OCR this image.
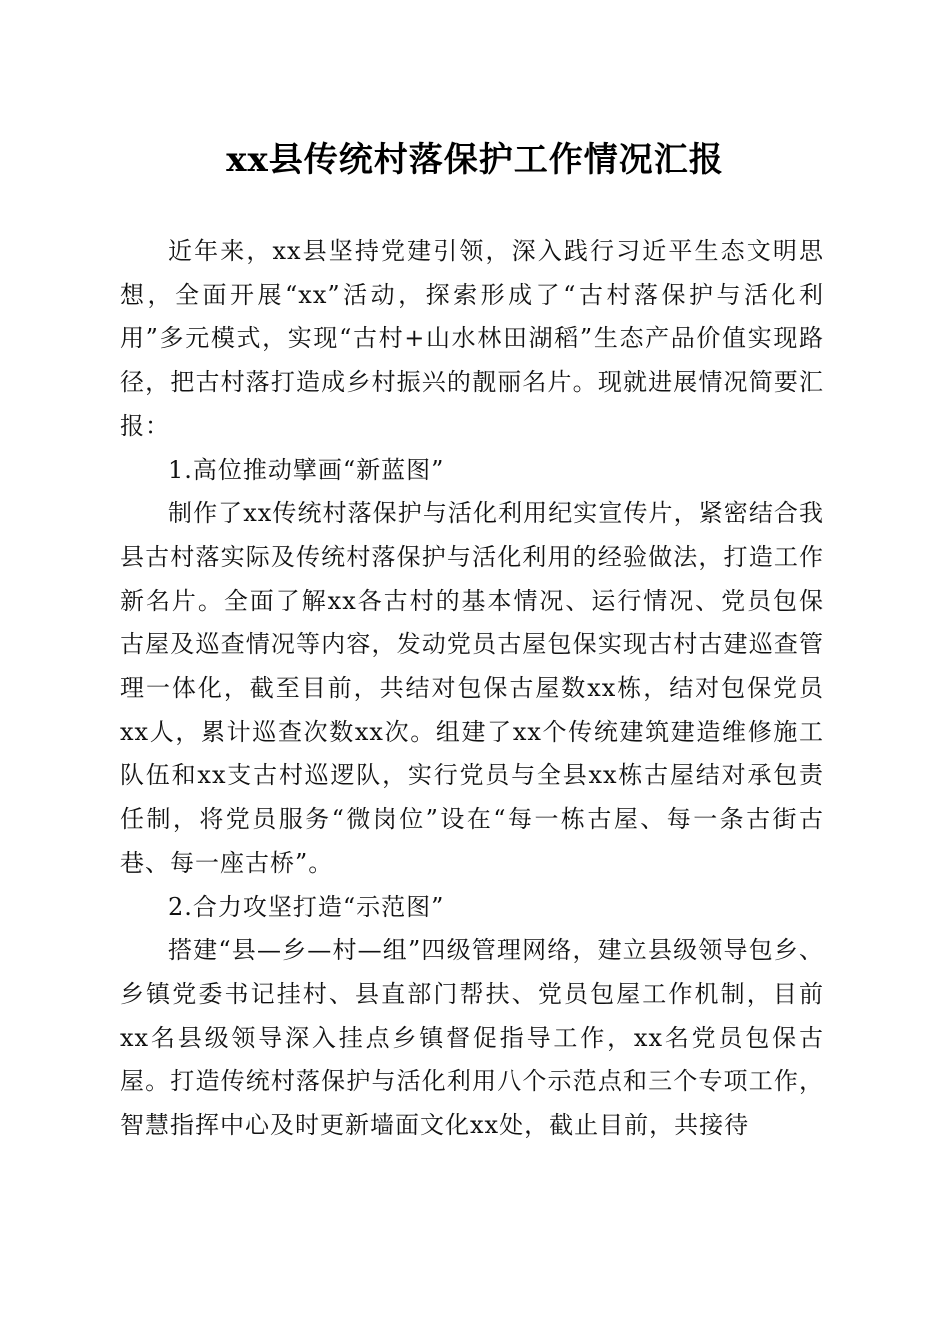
xx县传统村落保护工作情况汇报

近年来，xx县坚持党建引领，深入践行习近平生态文明思想，全面开展“xx”活动，探索形成了“古村落保护与活化利用”多元模式，实现“古村+山水林田湖稻”生态产品价值实现路径，把古村落打造成乡村振兴的靓丽名片。现就进展情况简要汇报：

1.高位推动擘画“新蓝图”

制作了xx传统村落保护与活化利用纪实宣传片，紧密结合我县古村落实际及传统村落保护与活化利用的经验做法，打造工作新名片。全面了解xx各古村的基本情况、运行情况、党员包保古屋及巡查情况等内容，发动党员古屋包保实现古村古建巡查管理一体化，截至目前，共结对包保古屋数xx栋，结对包保党员xx人，累计巡查次数xx次。组建了xx个传统建筑建造维修施工队伍和xx支古村巡逻队，实行党员与全县xx栋古屋结对承包责任制，将党员服务“微岗位”设在“每一栋古屋、每一条古街古巷、每一座古桥”。

2.合力攻坚打造“示范图”

搭建“县—乡—村—组”四级管理网络，建立县级领导包乡、乡镇党委书记挂村、县直部门帮扶、党员包屋工作机制，目前xx名县级领导深入挂点乡镇督促指导工作，xx名党员包保古屋。打造传统村落保护与活化利用八个示范点和三个专项工作，智慧指挥中心及时更新墙面文化xx处，截止目前，共接待
